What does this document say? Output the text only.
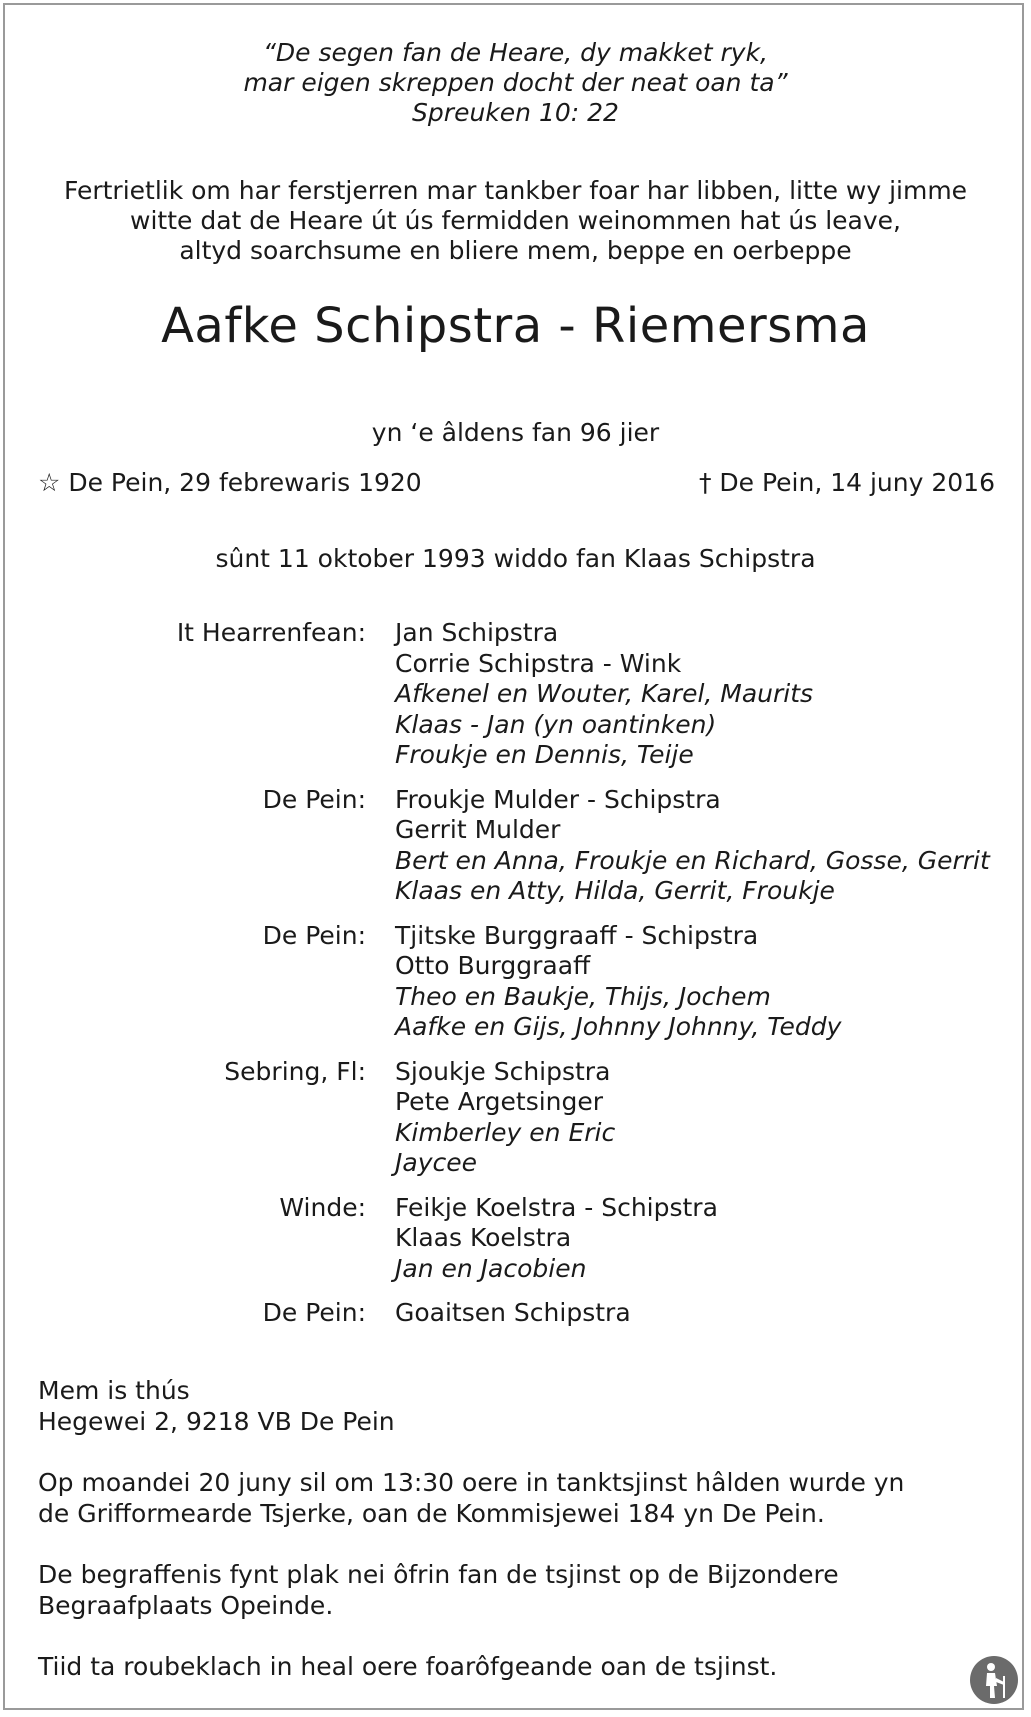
“De segen fan de Heare, dy makket ryk,
mar eigen skreppen docht der neat oan ta”
Spreuken 10: 22
Fertrietlik om har ferstjerren mar tankber foar har libben, litte wy jimme
witte dat de Heare út ús fermidden weinommen hat ús leave,
altyd soarchsume en bliere mem, beppe en oerbeppe
Aafke Schipstra - Riemersma
yn ‘e âldens fan 96 jier
☆ De Pein, 29 febrewaris 1920	† De Pein, 14 juny 2016
sûnt 11 oktober 1993 widdo fan Klaas Schipstra
It Hearrenfean: Jan Schipstra
Corrie Schipstra - Wink
Afkenel en Wouter, Karel, Maurits
Klaas - Jan (yn oantinken)
Froukje en Dennis, Teije
De Pein: Froukje Mulder - Schipstra
Gerrit Mulder
Bert en Anna, Froukje en Richard, Gosse, Gerrit
Klaas en Atty, Hilda, Gerrit, Froukje
De Pein: Tjitske Burggraaff - Schipstra
Otto Burggraaff
Theo en Baukje, Thijs, Jochem
Aafke en Gijs, Johnny Johnny, Teddy
Sebring, Fl: Sjoukje Schipstra
Pete Argetsinger
Kimberley en Eric
Jaycee
Winde: Feikje Koelstra - Schipstra
Klaas Koelstra
Jan en Jacobien
De Pein: Goaitsen Schipstra
Mem is thús
Hegewei 2, 9218 VB De Pein
Op moandei 20 juny sil om 13:30 oere in tanktsjinst hâlden wurde yn
de Grifformearde Tsjerke, oan de Kommisjewei 184 yn De Pein.
De begraffenis fynt plak nei ôfrin fan de tsjinst op de Bijzondere
Begraafplaats Opeinde.
Tiid ta roubeklach in heal oere foarôfgeande oan de tsjinst.
